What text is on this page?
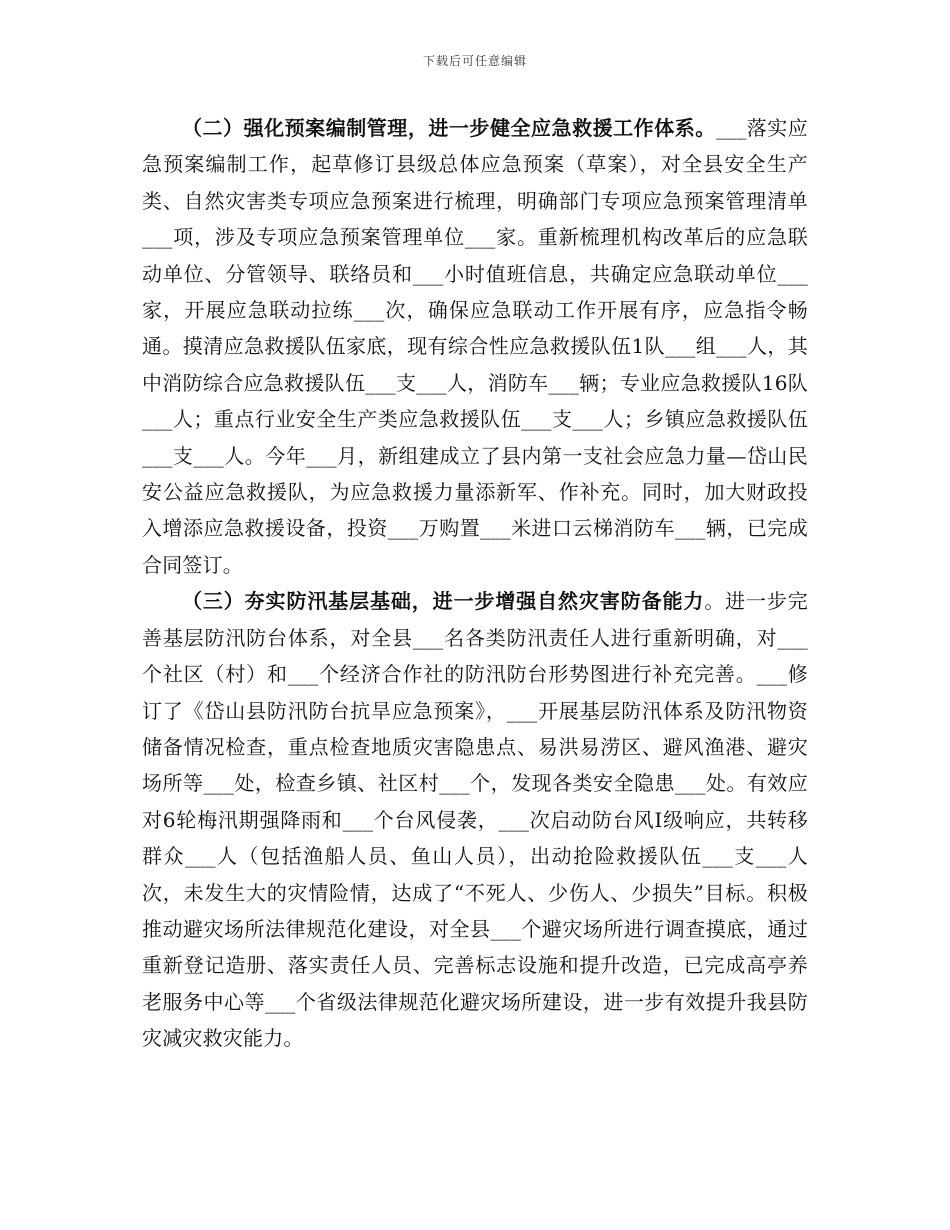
下载后可任意编辑

（二）强化预案编制管理，进一步健全应急救援工作体系。___落实应急预案编制工作，起草修订县级总体应急预案（草案），对全县安全生产类、自然灾害类专项应急预案进行梳理，明确部门专项应急预案管理清单___项，涉及专项应急预案管理单位___家。重新梳理机构改革后的应急联动单位、分管领导、联络员和___小时值班信息，共确定应急联动单位___家，开展应急联动拉练___次，确保应急联动工作开展有序，应急指令畅通。摸清应急救援队伍家底，现有综合性应急救援队伍1队___组___人，其中消防综合应急救援队伍___支___人，消防车___辆；专业应急救援队16队___人；重点行业安全生产类应急救援队伍___支___人；乡镇应急救援队伍___支___人。今年___月，新组建成立了县内第一支社会应急力量—岱山民安公益应急救援队，为应急救援力量添新军、作补充。同时，加大财政投入增添应急救援设备，投资___万购置___米进口云梯消防车___辆，已完成合同签订。

（三）夯实防汛基层基础，进一步增强自然灾害防备能力。进一步完善基层防汛防台体系，对全县___名各类防汛责任人进行重新明确，对___个社区（村）和___个经济合作社的防汛防台形势图进行补充完善。___修订了《岱山县防汛防台抗旱应急预案》，___开展基层防汛体系及防汛物资储备情况检查，重点检查地质灾害隐患点、易洪易涝区、避风渔港、避灾场所等___处，检查乡镇、社区村___个，发现各类安全隐患___处。有效应对6轮梅汛期强降雨和___个台风侵袭，___次启动防台风Ⅰ级响应，共转移群众___人（包括渔船人员、鱼山人员），出动抢险救援队伍___支___人次，未发生大的灾情险情，达成了“不死人、少伤人、少损失”目标。积极推动避灾场所法律规范化建设，对全县___个避灾场所进行调查摸底，通过重新登记造册、落实责任人员、完善标志设施和提升改造，已完成高亭养老服务中心等___个省级法律规范化避灾场所建设，进一步有效提升我县防灾减灾救灾能力。
